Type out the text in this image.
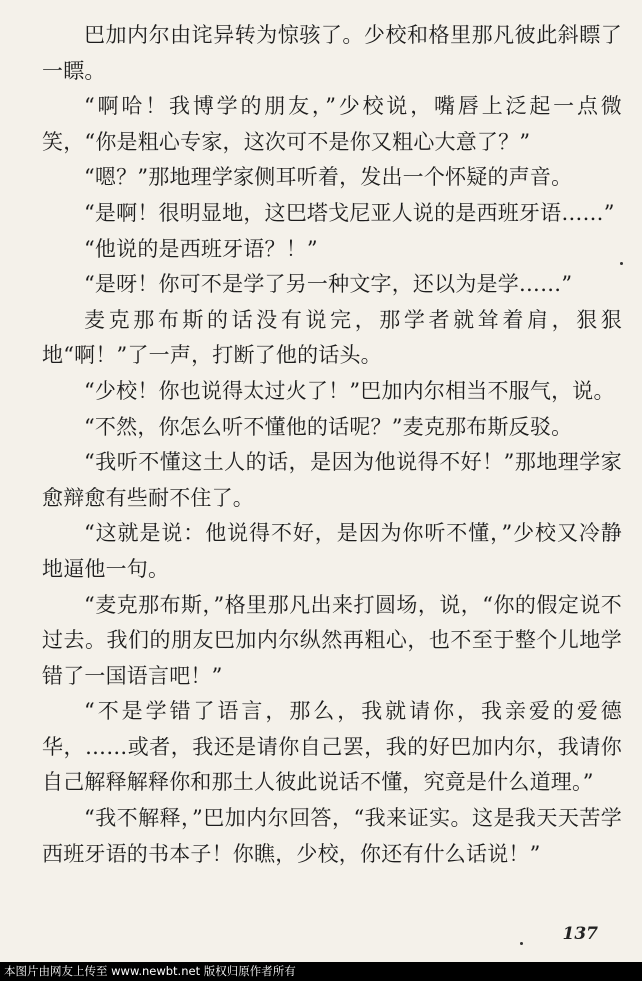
巴加内尔由诧异转为惊骇了。少校和格里那凡彼此斜瞟了一瞟。

“啊哈！我博学的朋友，”少校说，嘴唇上泛起一点微笑，“你是粗心专家，这次可不是你又粗心大意了？”

“嗯？”那地理学家侧耳听着，发出一个怀疑的声音。

“是啊！很明显地，这巴塔戈尼亚人说的是西班牙语……”

“他说的是西班牙语？！”

“是呀！你可不是学了另一种文字，还以为是学……”

麦克那布斯的话没有说完，那学者就耸着肩，狠狠地“啊！”了一声，打断了他的话头。

“少校！你也说得太过火了！”巴加内尔相当不服气，说。

“不然，你怎么听不懂他的话呢？”麦克那布斯反驳。

“我听不懂这土人的话，是因为他说得不好！”那地理学家愈辩愈有些耐不住了。

“这就是说：他说得不好，是因为你听不懂，”少校又冷静地逼他一句。

“麦克那布斯，”格里那凡出来打圆场，说，“你的假定说不过去。我们的朋友巴加内尔纵然再粗心，也不至于整个儿地学错了一国语言吧！”

“不是学错了语言，那么，我就请你，我亲爱的爱德华，……或者，我还是请你自己罢，我的好巴加内尔，我请你自己解释解释你和那土人彼此说话不懂，究竟是什么道理。”

“我不解释，”巴加内尔回答，“我来证实。这是我天天苦学西班牙语的书本子！你瞧，少校，你还有什么话说！”

137
本图片由网友上传至 www.newbt.net 版权归原作者所有
